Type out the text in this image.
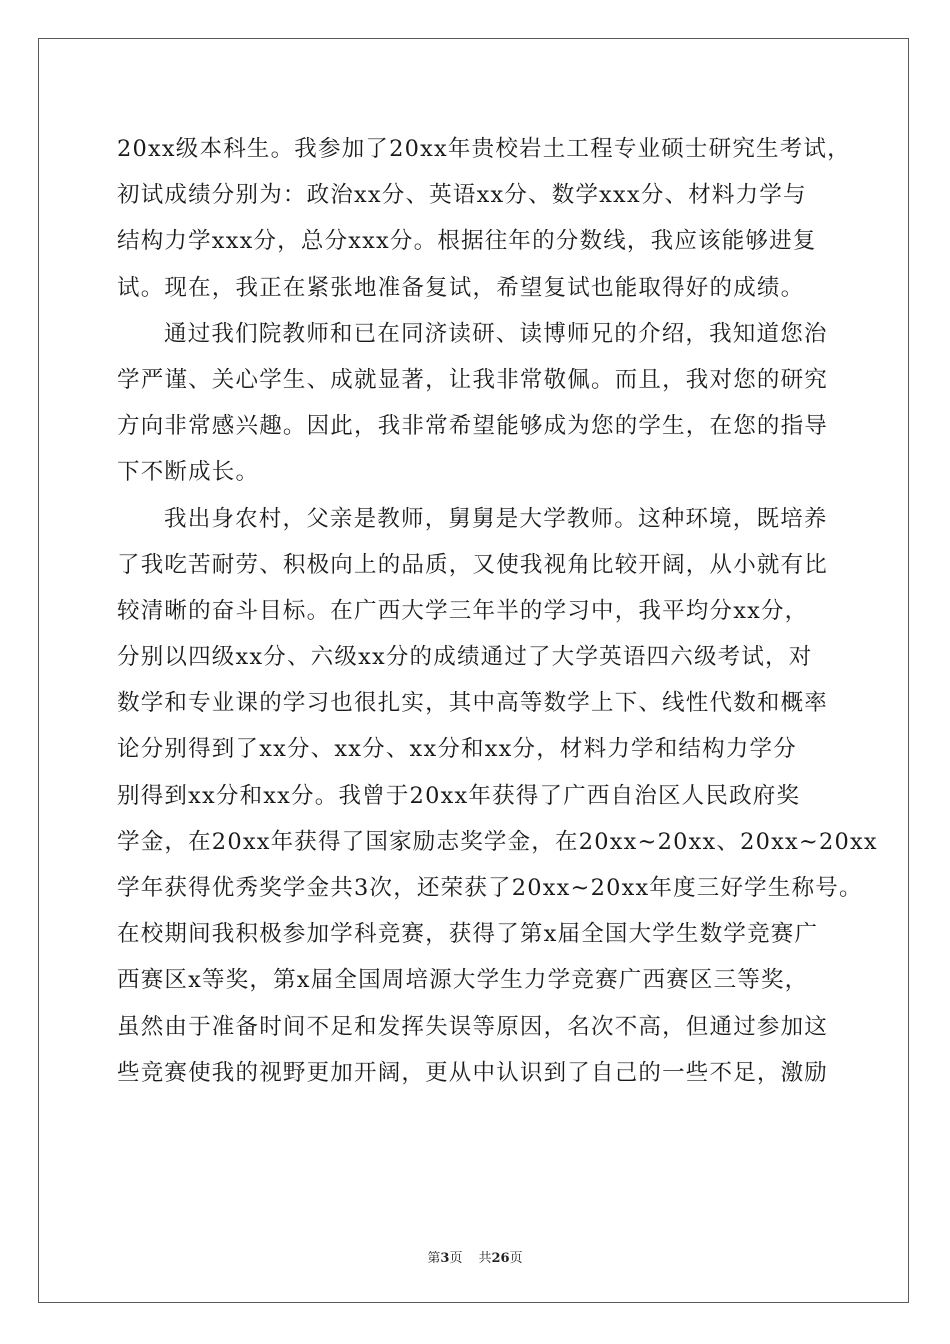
20xx级本科生。我参加了20xx年贵校岩土工程专业硕士研究生考试，
初试成绩分别为：政治xx分、英语xx分、数学xxx分、材料力学与
结构力学xxx分，总分xxx分。根据往年的分数线，我应该能够进复
试。现在，我正在紧张地准备复试，希望复试也能取得好的成绩。
通过我们院教师和已在同济读研、读博师兄的介绍，我知道您治
学严谨、关心学生、成就显著，让我非常敬佩。而且，我对您的研究
方向非常感兴趣。因此，我非常希望能够成为您的学生，在您的指导
下不断成长。
我出身农村，父亲是教师，舅舅是大学教师。这种环境，既培养
了我吃苦耐劳、积极向上的品质，又使我视角比较开阔，从小就有比
较清晰的奋斗目标。在广西大学三年半的学习中，我平均分xx分，
分别以四级xx分、六级xx分的成绩通过了大学英语四六级考试，对
数学和专业课的学习也很扎实，其中高等数学上下、线性代数和概率
论分别得到了xx分、xx分、xx分和xx分，材料力学和结构力学分
别得到xx分和xx分。我曾于20xx年获得了广西自治区人民政府奖
学金，在20xx年获得了国家励志奖学金，在20xx~20xx、20xx~20xx
学年获得优秀奖学金共3次，还荣获了20xx~20xx年度三好学生称号。
在校期间我积极参加学科竞赛，获得了第x届全国大学生数学竞赛广
西赛区x等奖，第x届全国周培源大学生力学竞赛广西赛区三等奖，
虽然由于准备时间不足和发挥失误等原因，名次不高，但通过参加这
些竞赛使我的视野更加开阔，更从中认识到了自己的一些不足，激励
第3页 共26页
